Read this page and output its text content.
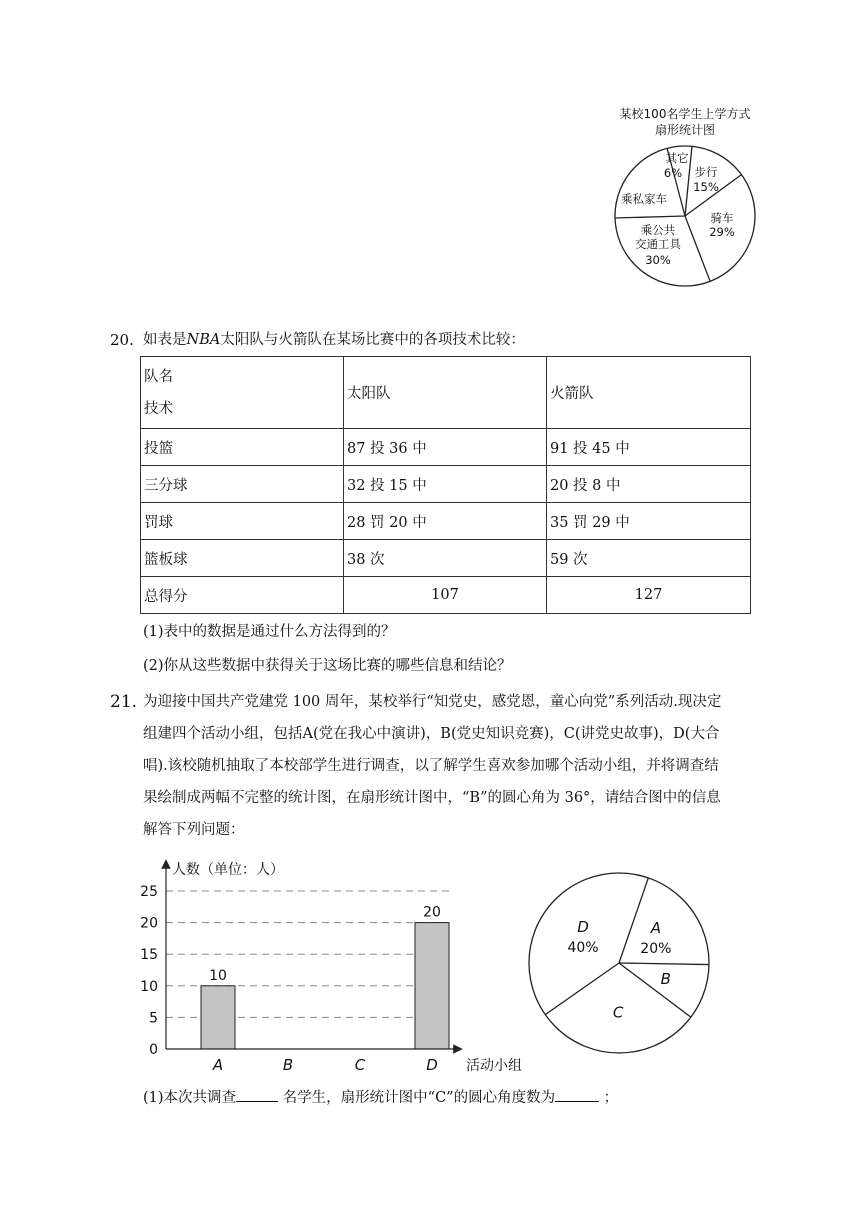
某校100名学生上学方式
扇形统计图
其它
6% 步行
15%
骑车
29%
乘公共
交通工具
30%
乘私家车
20. 如表是NBA太阳队与火箭队在某场比赛中的各项技术比较：
队名
技术	太阳队	火箭队
投篮	87 投 36 中	91 投 45 中
三分球	32 投 15 中	20 投 8 中
罚球	28 罚 20 中	35 罚 29 中
篮板球	38 次	59 次
总得分	107	127
(1)表中的数据是通过什么方法得到的？
(2)你从这些数据中获得关于这场比赛的哪些信息和结论？
21. 为迎接中国共产党建党 100 周年，某校举行“知党史，感党恩，童心向党”系列活动.现决定
组建四个活动小组，包括A(党在我心中演讲)，B(党史知识竞赛)，C(讲党史故事)，D(大合
唱).该校随机抽取了本校部学生进行调查，以了解学生喜欢参加哪个活动小组，并将调查结
果绘制成两幅不完整的统计图，在扇形统计图中，“B”的圆心角为 36°，请结合图中的信息
解答下列问题：
0
5
10
15
20
25
10
20
A	B	C	D
人数（单位：人）
活动小组
A
20%
B
C
D
40%
(1)本次共调查	名学生，扇形统计图中“C”的圆心角度数为	；
